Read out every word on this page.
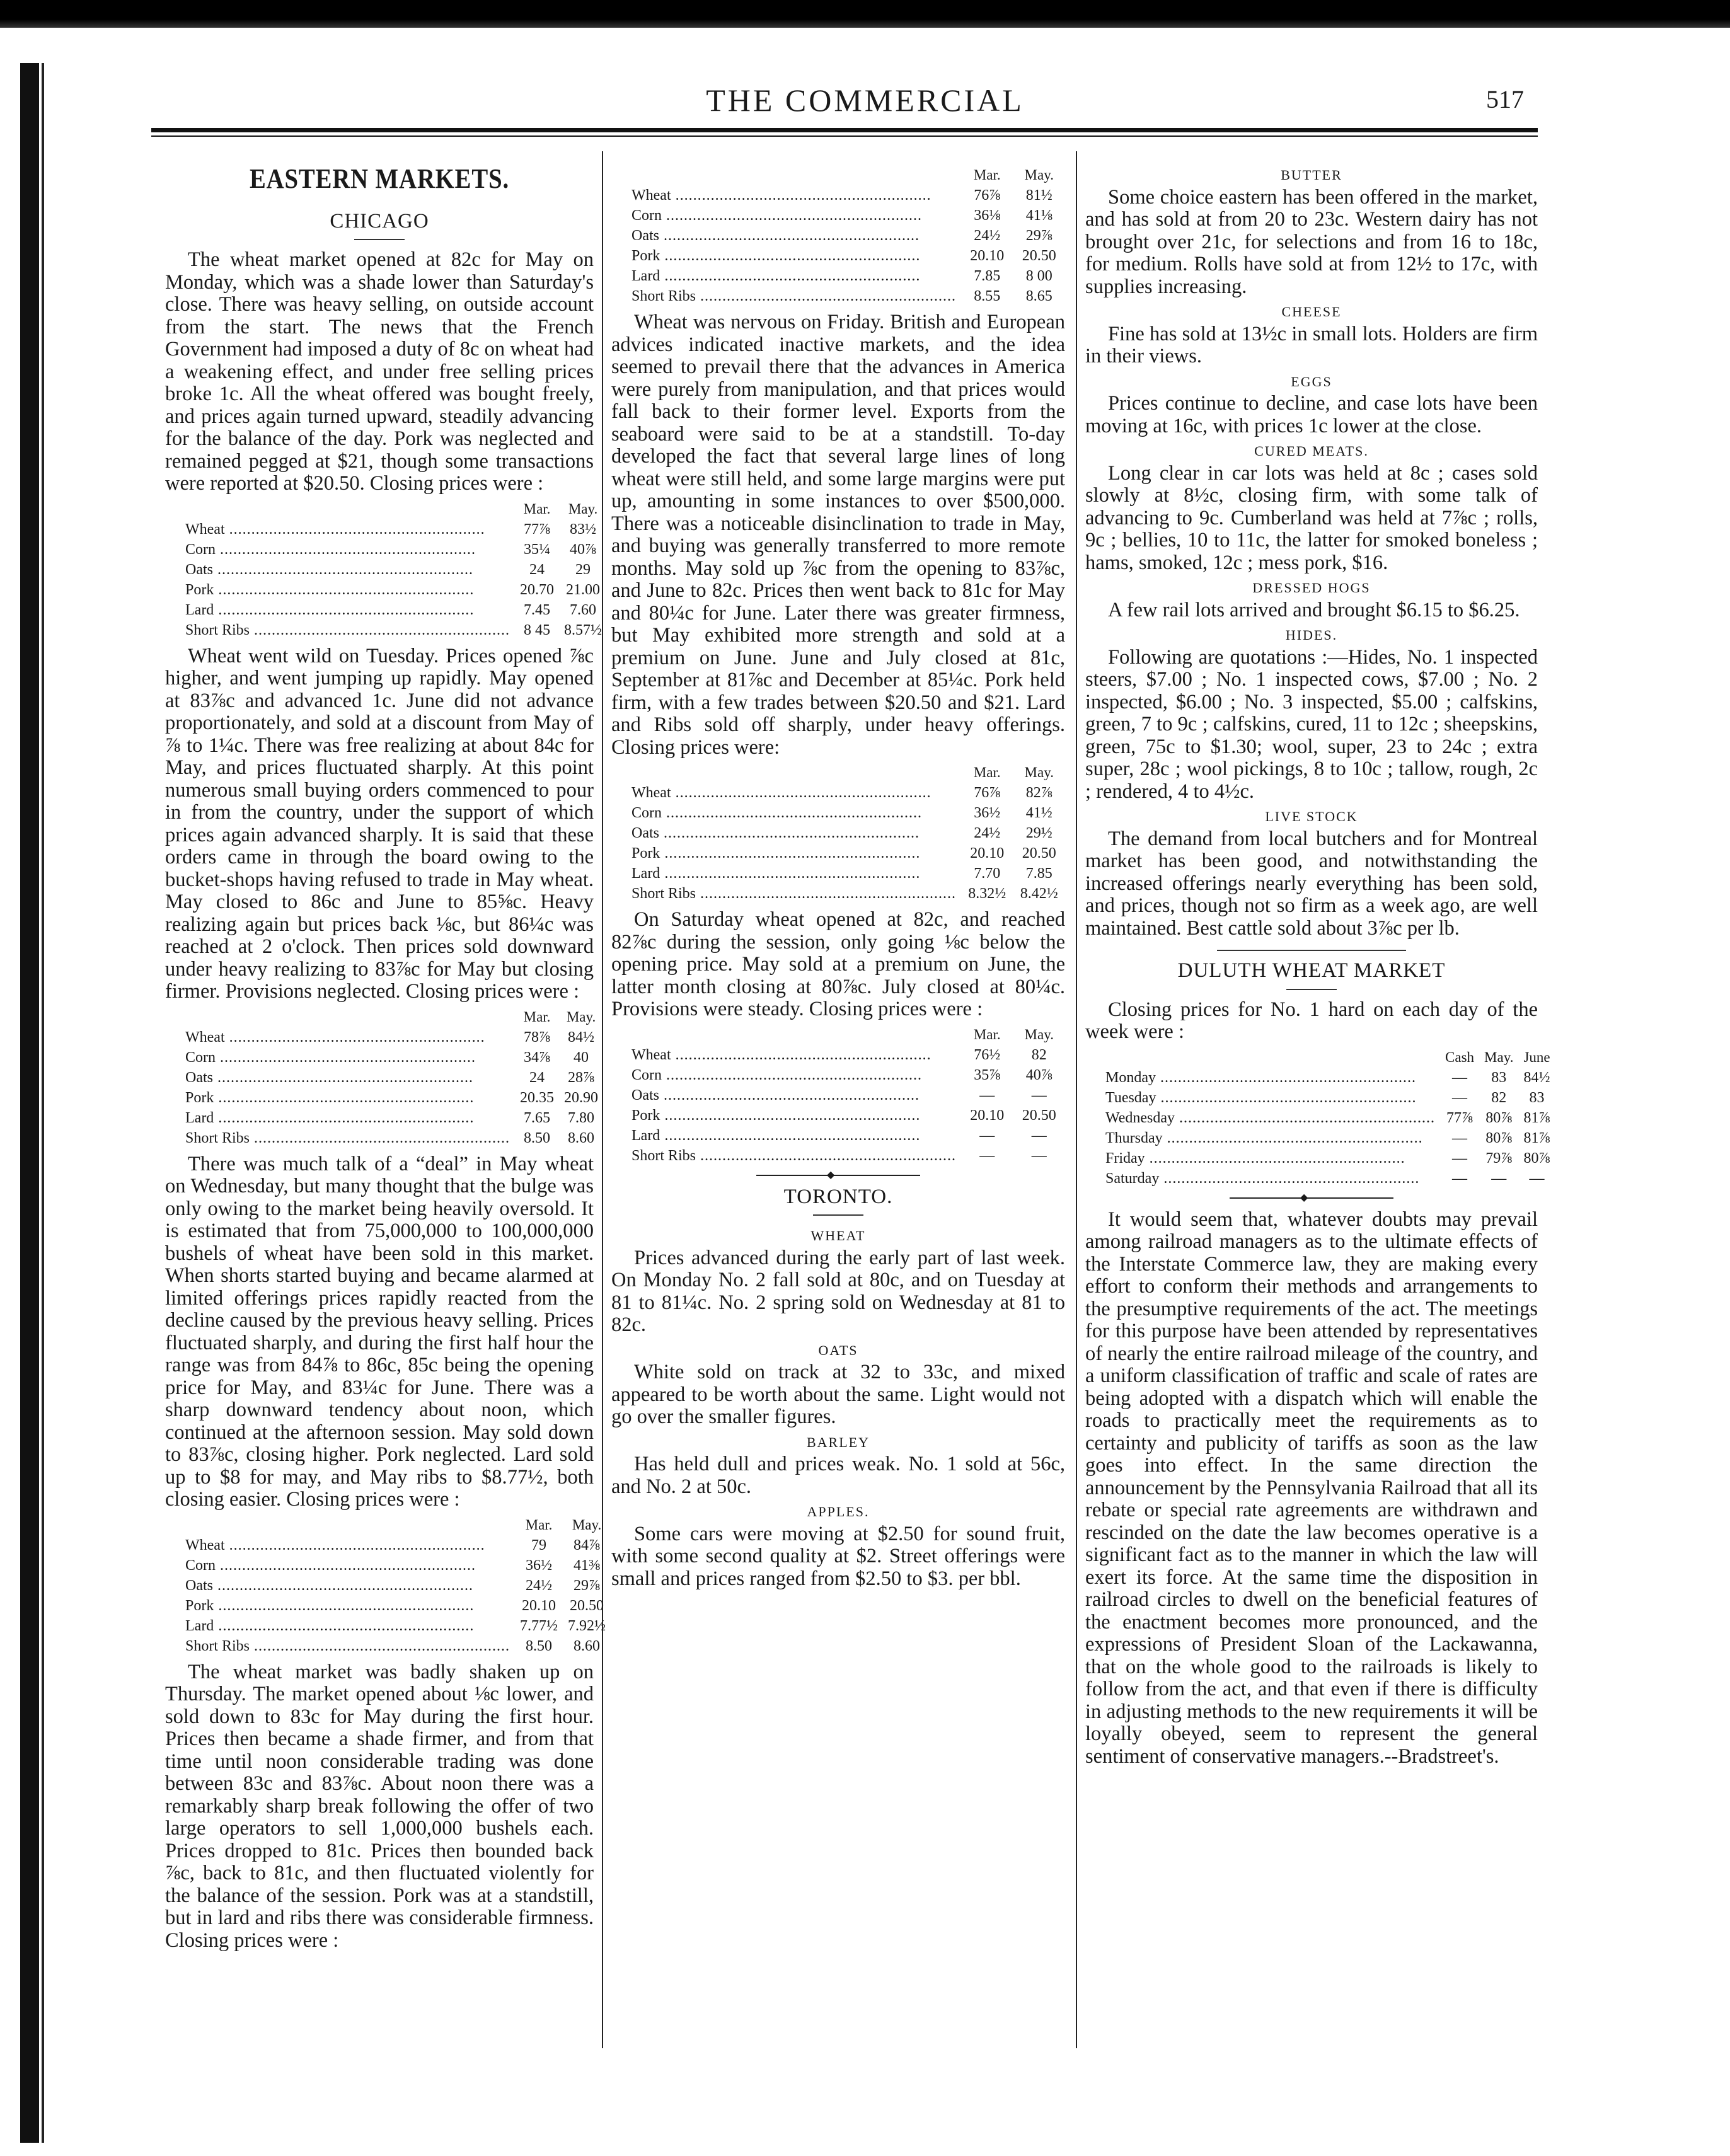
THE COMMERCIAL	517
EASTERN MARKETS.
CHICAGO

The wheat market opened at 82c for May on Monday, which was a shade lower than Saturday's close. There was heavy selling, on outside account from the start. The news that the French Government had imposed a duty of 8c on wheat had a weakening effect, and under free selling prices broke 1c. All the wheat offered was bought freely, and prices again turned upward, steadily advancing for the balance of the day. Pork was neglected and remained pegged at $21, though some transactions were reported at $20.50. Closing prices were :

	Mar.	May.
Wheat .....	77⅞	83½
Corn .....	35¼	40⅞
Oats .....	24	29
Pork .....	20.70	21.00
Lard .....	7.45	7.60
Short Ribs .....	8 45	8.57½

Wheat went wild on Tuesday. Prices opened ⅞c higher, and went jumping up rapidly. May opened at 83⅞c and advanced 1c. June did not advance proportionately, and sold at a discount from May of ⅞ to 1¼c. There was free realizing at about 84c for May, and prices fluctuated sharply. At this point numerous small buying orders commenced to pour in from the country, under the support of which prices again advanced sharply. It is said that these orders came in through the board owing to the bucket-shops having refused to trade in May wheat. May closed to 86c and June to 85⅝c. Heavy realizing again but prices back ⅛c, but 86¼c was reached at 2 o'clock. Then prices sold downward under heavy realizing to 83⅞c for May but closing firmer. Provisions neglected. Closing prices were :

	Mar.	May.
Wheat .....	78⅞	84½
Corn .....	34⅞	40
Oats .....	24	28⅞
Pork .....	20.35	20.90
Lard .....	7.65	7.80
Short Ribs .....	8.50	8.60

There was much talk of a “deal” in May wheat on Wednesday, but many thought that the bulge was only owing to the market being heavily oversold. It is estimated that from 75,000,000 to 100,000,000 bushels of wheat have been sold in this market. When shorts started buying and became alarmed at limited offerings prices rapidly reacted from the decline caused by the previous heavy selling. Prices fluctuated sharply, and during the first half hour the range was from 84⅞ to 86c, 85c being the opening price for May, and 83¼c for June. There was a sharp downward tendency about noon, which continued at the afternoon session. May sold down to 83⅞c, closing higher. Pork neglected. Lard sold up to $8 for may, and May ribs to $8.77½, both closing easier. Closing prices were :

	Mar.	May.
Wheat .....	79	84⅞
Corn .....	36½	41⅜
Oats .....	24½	29⅞
Pork .....	20.10	20.50
Lard .....	7.77½	7.92½
Short Ribs .....	8.50	8.60

The wheat market was badly shaken up on Thursday. The market opened about ⅛c lower, and sold down to 83c for May during the first hour. Prices then became a shade firmer, and from that time until noon considerable trading was done between 83c and 83⅞c. About noon there was a remarkably sharp break following the offer of two large operators to sell 1,000,000 bushels each. Prices dropped to 81c. Prices then bounded back ⅞c, back to 81c, and then fluctuated violently for the balance of the session. Pork was at a standstill, but in lard and ribs there was considerable firmness. Closing prices were :

	Mar.	May.
Wheat .....	76⅞	81½
Corn .....	36⅛	41⅛
Oats .....	24½	29⅞
Pork .....	20.10	20.50
Lard .....	7.85	8 00
Short Ribs .....	8.55	8.65

Wheat was nervous on Friday. British and European advices indicated inactive markets, and the idea seemed to prevail there that the advances in America were purely from manipulation, and that prices would fall back to their former level. Exports from the seaboard were said to be at a standstill. To-day developed the fact that several large lines of long wheat were still held, and some large margins were put up, amounting in some instances to over $500,000. There was a noticeable disinclination to trade in May, and buying was generally transferred to more remote months. May sold up ⅞c from the opening to 83⅞c, and June to 82c. Prices then went back to 81c for May and 80¼c for June. Later there was greater firmness, but May exhibited more strength and sold at a premium on June. June and July closed at 81c, September at 81⅞c and December at 85¼c. Pork held firm, with a few trades between $20.50 and $21. Lard and Ribs sold off sharply, under heavy offerings. Closing prices were:

	Mar.	May.
Wheat .....	76⅞	82⅞
Corn .....	36½	41½
Oats .....	24½	29½
Pork .....	20.10	20.50
Lard .....	7.70	7.85
Short Ribs .....	8.32½	8.42½

On Saturday wheat opened at 82c, and reached 82⅞c during the session, only going ⅛c below the opening price. May sold at a premium on June, the latter month closing at 80⅞c. July closed at 80¼c. Provisions were steady. Closing prices were :

	Mar.	May.
Wheat .....	76½	82
Corn .....	35⅞	40⅞
Oats .....	—	—
Pork .....	20.10	20.50
Lard .....	—	—
Short Ribs .....	—	—
◆
TORONTO.
WHEAT

Prices advanced during the early part of last week. On Monday No. 2 fall sold at 80c, and on Tuesday at 81 to 81¼c. No. 2 spring sold on Wednesday at 81 to 82c.

OATS

White sold on track at 32 to 33c, and mixed appeared to be worth about the same. Light would not go over the smaller figures.

BARLEY

Has held dull and prices weak. No. 1 sold at 56c, and No. 2 at 50c.

APPLES.

Some cars were moving at $2.50 for sound fruit, with some second quality at $2. Street offerings were small and prices ranged from $2.50 to $3. per bbl.

BUTTER

Some choice eastern has been offered in the market, and has sold at from 20 to 23c. Western dairy has not brought over 21c, for selections and from 16 to 18c, for medium. Rolls have sold at from 12½ to 17c, with supplies increasing.

CHEESE

Fine has sold at 13½c in small lots. Holders are firm in their views.

EGGS

Prices continue to decline, and case lots have been moving at 16c, with prices 1c lower at the close.

CURED MEATS.

Long clear in car lots was held at 8c ; cases sold slowly at 8½c, closing firm, with some talk of advancing to 9c. Cumberland was held at 7⅞c ; rolls, 9c ; bellies, 10 to 11c, the latter for smoked boneless ; hams, smoked, 12c ; mess pork, $16.

DRESSED HOGS

A few rail lots arrived and brought $6.15 to $6.25.

HIDES.

Following are quotations :—Hides, No. 1 inspected steers, $7.00 ; No. 1 inspected cows, $7.00 ; No. 2 inspected, $6.00 ; No. 3 inspected, $5.00 ; calfskins, green, 7 to 9c ; calfskins, cured, 11 to 12c ; sheepskins, green, 75c to $1.30; wool, super, 23 to 24c ; extra super, 28c ; wool pickings, 8 to 10c ; tallow, rough, 2c ; rendered, 4 to 4½c.

LIVE STOCK

The demand from local butchers and for Montreal market has been good, and notwithstanding the increased offerings nearly everything has been sold, and prices, though not so firm as a week ago, are well maintained. Best cattle sold about 3⅞c per lb.

DULUTH WHEAT MARKET

Closing prices for No. 1 hard on each day of the week were :

	Cash	May.	June
Monday .....	—	83	84½
Tuesday .....	—	82	83
Wednesday .....	77⅞	80⅞	81⅞
Thursday .....	—	80⅞	81⅞
Friday .....	—	79⅞	80⅞
Saturday .....	—	—	—
◆

It would seem that, whatever doubts may prevail among railroad managers as to the ultimate effects of the Interstate Commerce law, they are making every effort to conform their methods and arrangements to the presumptive requirements of the act. The meetings for this purpose have been attended by representatives of nearly the entire railroad mileage of the country, and a uniform classification of traffic and scale of rates are being adopted with a dispatch which will enable the roads to practically meet the requirements as to certainty and publicity of tariffs as soon as the law goes into effect. In the same direction the announcement by the Pennsylvania Railroad that all its rebate or special rate agreements are withdrawn and rescinded on the date the law becomes operative is a significant fact as to the manner in which the law will exert its force. At the same time the disposition in railroad circles to dwell on the beneficial features of the enactment becomes more pronounced, and the expressions of President Sloan of the Lackawanna, that on the whole good to the railroads is likely to follow from the act, and that even if there is difficulty in adjusting methods to the new requirements it will be loyally obeyed, seem to represent the general sentiment of conservative managers.--Bradstreet's.
